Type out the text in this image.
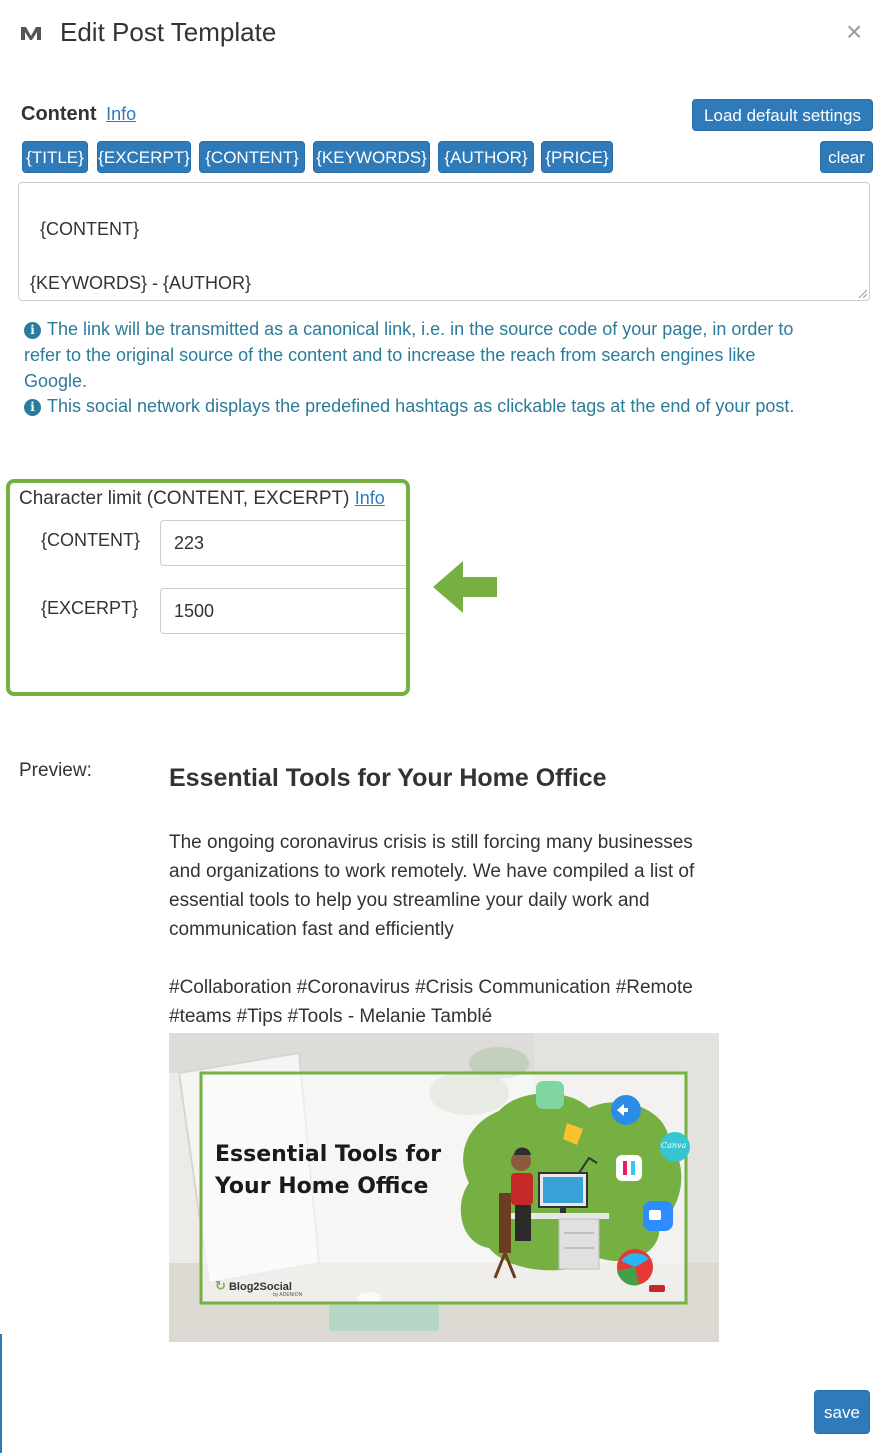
Edit Post Template	×
Content Info	Load default settings
{TITLE} {EXCERPT} {CONTENT}	{KEYWORDS}	{AUTHOR}	{PRICE}	clear

{CONTENT}

{KEYWORDS} - {AUTHOR}

i The link will be transmitted as a canonical link, i.e. in the source code of your page, in order to
refer to the original source of the content and to increase the reach from search engines like
Google.
i This social network displays the predefined hashtags as clickable tags at the end of your post.
Character limit (CONTENT, EXCERPT) Info
{CONTENT}	223
{EXCERPT}	1500
Preview:	Essential Tools for Your Home Office
The ongoing coronavirus crisis is still forcing many businesses and organizations to work remotely. We have compiled a list of essential tools to help you streamline your daily work and communication fast and efficiently
#Collaboration #Coronavirus #Crisis Communication #Remote #teams #Tips #Tools - Melanie Tamblé
Essential Tools for
Your Home Office
↻ Blog2Social
by ADENION
Canva
save
